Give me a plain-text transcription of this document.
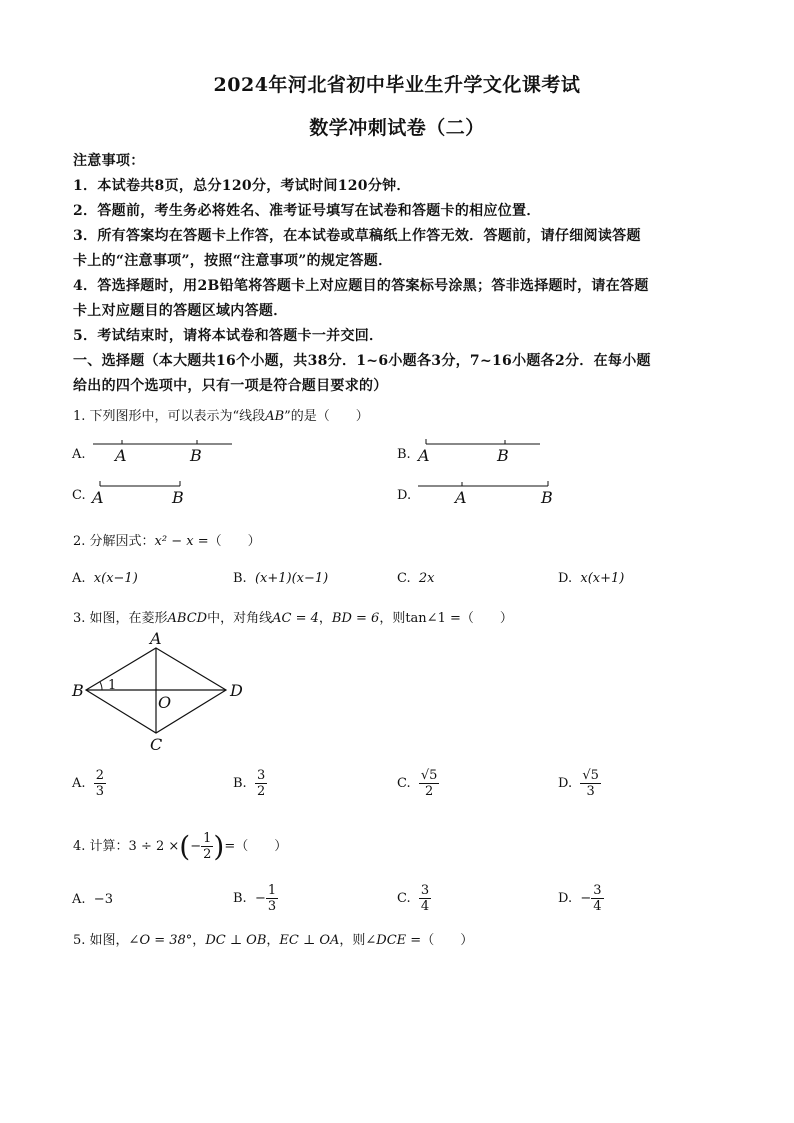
2024年河北省初中毕业生升学文化课考试
数学冲刺试卷（二）
注意事项：
1．本试卷共8页，总分120分，考试时间120分钟．
2．答题前，考生务必将姓名、准考证号填写在试卷和答题卡的相应位置．
3．所有答案均在答题卡上作答，在本试卷或草稿纸上作答无效．答题前，请仔细阅读答题
卡上的“注意事项”，按照“注意事项”的规定答题．
4．答选择题时，用2B铅笔将答题卡上对应题目的答案标号涂黑；答非选择题时，请在答题
卡上对应题目的答题区域内答题．
5．考试结束时，请将本试卷和答题卡一并交回．
一、选择题（本大题共16个小题，共38分．1~6小题各3分，7~16小题各2分．在每小题
给出的四个选项中，只有一项是符合题目要求的）
1. 下列图形中，可以表示为“线段AB”的是（　　）
A. A	B	A	B
A	B	A	B
A
B
C
D
O
1
B.
C.	D.
2. 分解因式：x² − x =（　　）
A. x(x−1)	B. (x+1)(x−1)	C. 2x	D. x(x+1)
3. 如图，在菱形ABCD中，对角线AC = 4，BD = 6，则tan∠1 =（　　）
A. $\frac{2}{3}$	B. $\frac{3}{2}$	C. $\frac{√5}{2}$	D. $\frac{√5}{3}$
4. 计算：3 ÷ 2 ×(− $\frac{1}{2}$ )=（　　）
A. −3	B. − $\frac{1}{3}$	C. $\frac{3}{4}$	D. − $\frac{3}{4}$
5. 如图，∠O = 38°，DC ⊥ OB，EC ⊥ OA，则∠DCE =（　　）
